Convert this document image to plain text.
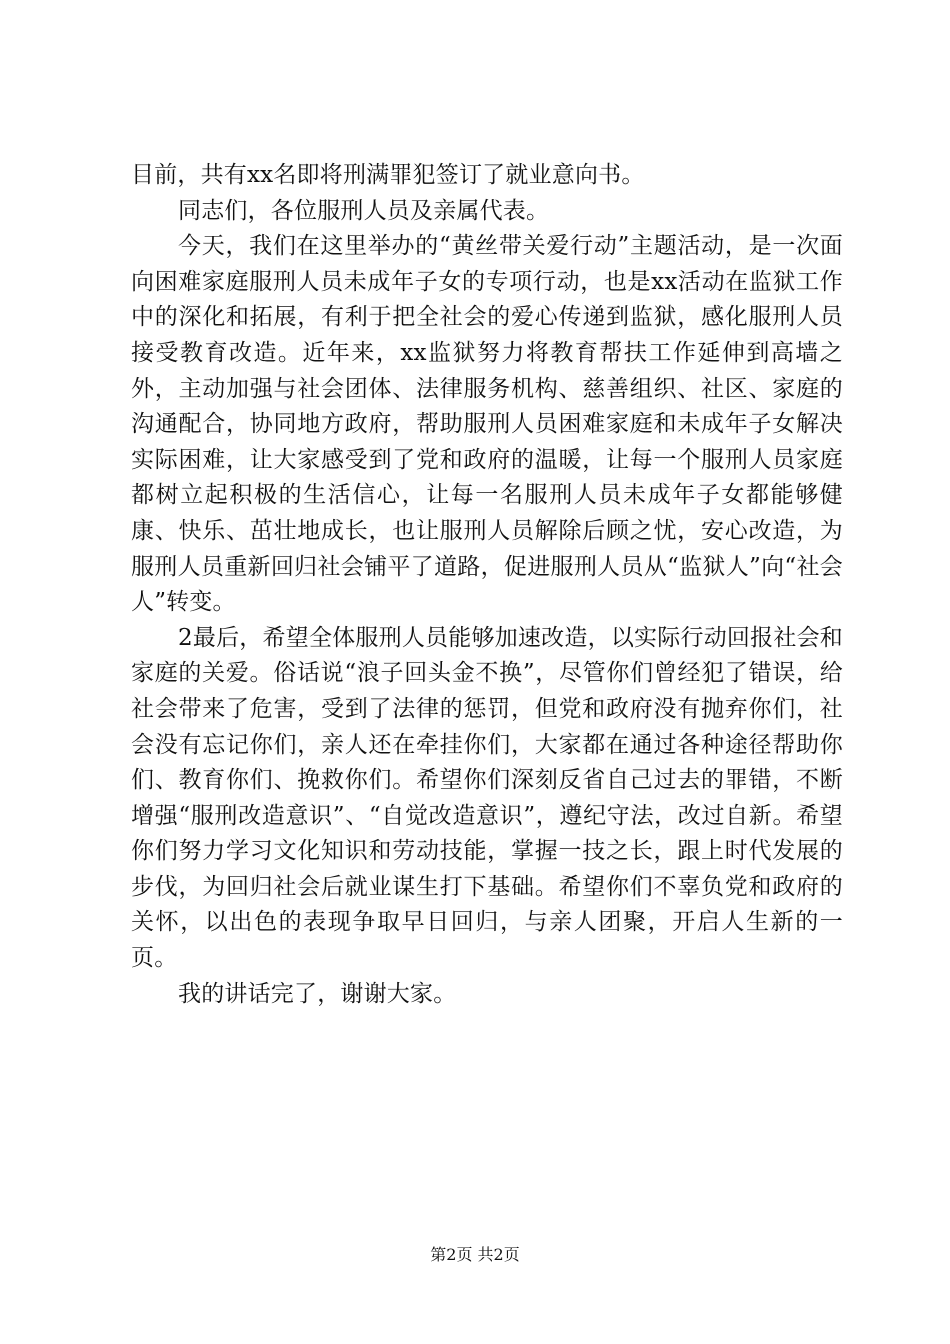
目前，共有xx名即将刑满罪犯签订了就业意向书。

同志们，各位服刑人员及亲属代表。

今天，我们在这里举办的“黄丝带关爱行动”主题活动，是一次面向困难家庭服刑人员未成年子女的专项行动，也是xx活动在监狱工作中的深化和拓展，有利于把全社会的爱心传递到监狱，感化服刑人员接受教育改造。近年来，xx监狱努力将教育帮扶工作延伸到高墙之外，主动加强与社会团体、法律服务机构、慈善组织、社区、家庭的沟通配合，协同地方政府，帮助服刑人员困难家庭和未成年子女解决实际困难，让大家感受到了党和政府的温暖，让每一个服刑人员家庭都树立起积极的生活信心，让每一名服刑人员未成年子女都能够健康、快乐、茁壮地成长，也让服刑人员解除后顾之忧，安心改造，为服刑人员重新回归社会铺平了道路，促进服刑人员从“监狱人”向“社会人”转变。

2最后，希望全体服刑人员能够加速改造，以实际行动回报社会和家庭的关爱。俗话说“浪子回头金不换”，尽管你们曾经犯了错误，给社会带来了危害，受到了法律的惩罚，但党和政府没有抛弃你们，社会没有忘记你们，亲人还在牵挂你们，大家都在通过各种途径帮助你们、教育你们、挽救你们。希望你们深刻反省自己过去的罪错，不断增强“服刑改造意识”、“自觉改造意识”，遵纪守法，改过自新。希望你们努力学习文化知识和劳动技能，掌握一技之长，跟上时代发展的步伐，为回归社会后就业谋生打下基础。希望你们不辜负党和政府的关怀，以出色的表现争取早日回归，与亲人团聚，开启人生新的一页。

我的讲话完了，谢谢大家。

第2页 共2页
